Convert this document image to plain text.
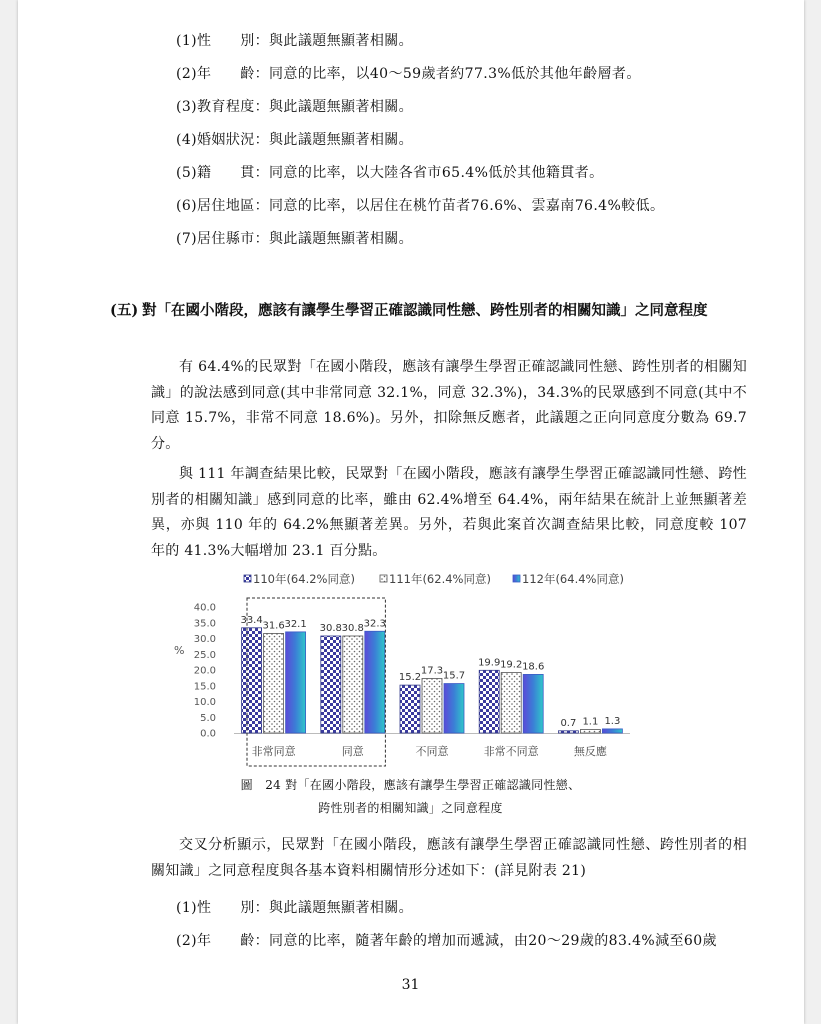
(1)性　　別：與此議題無顯著相關。
(2)年　　齡：同意的比率，以40～59歲者約77.3%低於其他年齡層者。
(3)教育程度：與此議題無顯著相關。
(4)婚姻狀況：與此議題無顯著相關。
(5)籍　　貫：同意的比率，以大陸各省市65.4%低於其他籍貫者。
(6)居住地區：同意的比率，以居住在桃竹苗者76.6%、雲嘉南76.4%較低。
(7)居住縣市：與此議題無顯著相關。
(五) 對「在國小階段，應該有讓學生學習正確認識同性戀、跨性別者的相關知識」之同意程度
有 64.4%的民眾對「在國小階段，應該有讓學生學習正確認識同性戀、跨性別者的相關知識」的說法感到同意(其中非常同意 32.1%，同意 32.3%)，34.3%的民眾感到不同意(其中不同意 15.7%，非常不同意 18.6%)。另外，扣除無反應者，此議題之正向同意度分數為 69.7 分。
與 111 年調查結果比較，民眾對「在國小階段，應該有讓學生學習正確認識同性戀、跨性別者的相關知識」感到同意的比率，雖由 62.4%增至 64.4%，兩年結果在統計上並無顯著差異，亦與 110 年的 64.2%無顯著差異。另外，若與此案首次調查結果比較，同意度較 107 年的 41.3%大幅增加 23.1 百分點。
110年(64.2%同意)	111年(62.4%同意)	112年(64.4%同意)
40.0
35.0
30.0
25.0
20.0
15.0
10.0
5.0
0.0
%
33.4
31.6 32.1 30.8 30.8 32.3
15.2
17.3 15.7
19.9 19.2 18.6
0.7 1.1 1.3
非常同意	同意	不同意	非常不同意	無反應
圖　24 對「在國小階段，應該有讓學生學習正確認識同性戀、
跨性別者的相關知識」之同意程度
交叉分析顯示，民眾對「在國小階段，應該有讓學生學習正確認識同性戀、跨性別者的相關知識」之同意程度與各基本資料相關情形分述如下：(詳見附表 21)
(1)性　　別：與此議題無顯著相關。
(2)年　　齡：同意的比率，隨著年齡的增加而遞減，由20～29歲的83.4%減至60歲
31
